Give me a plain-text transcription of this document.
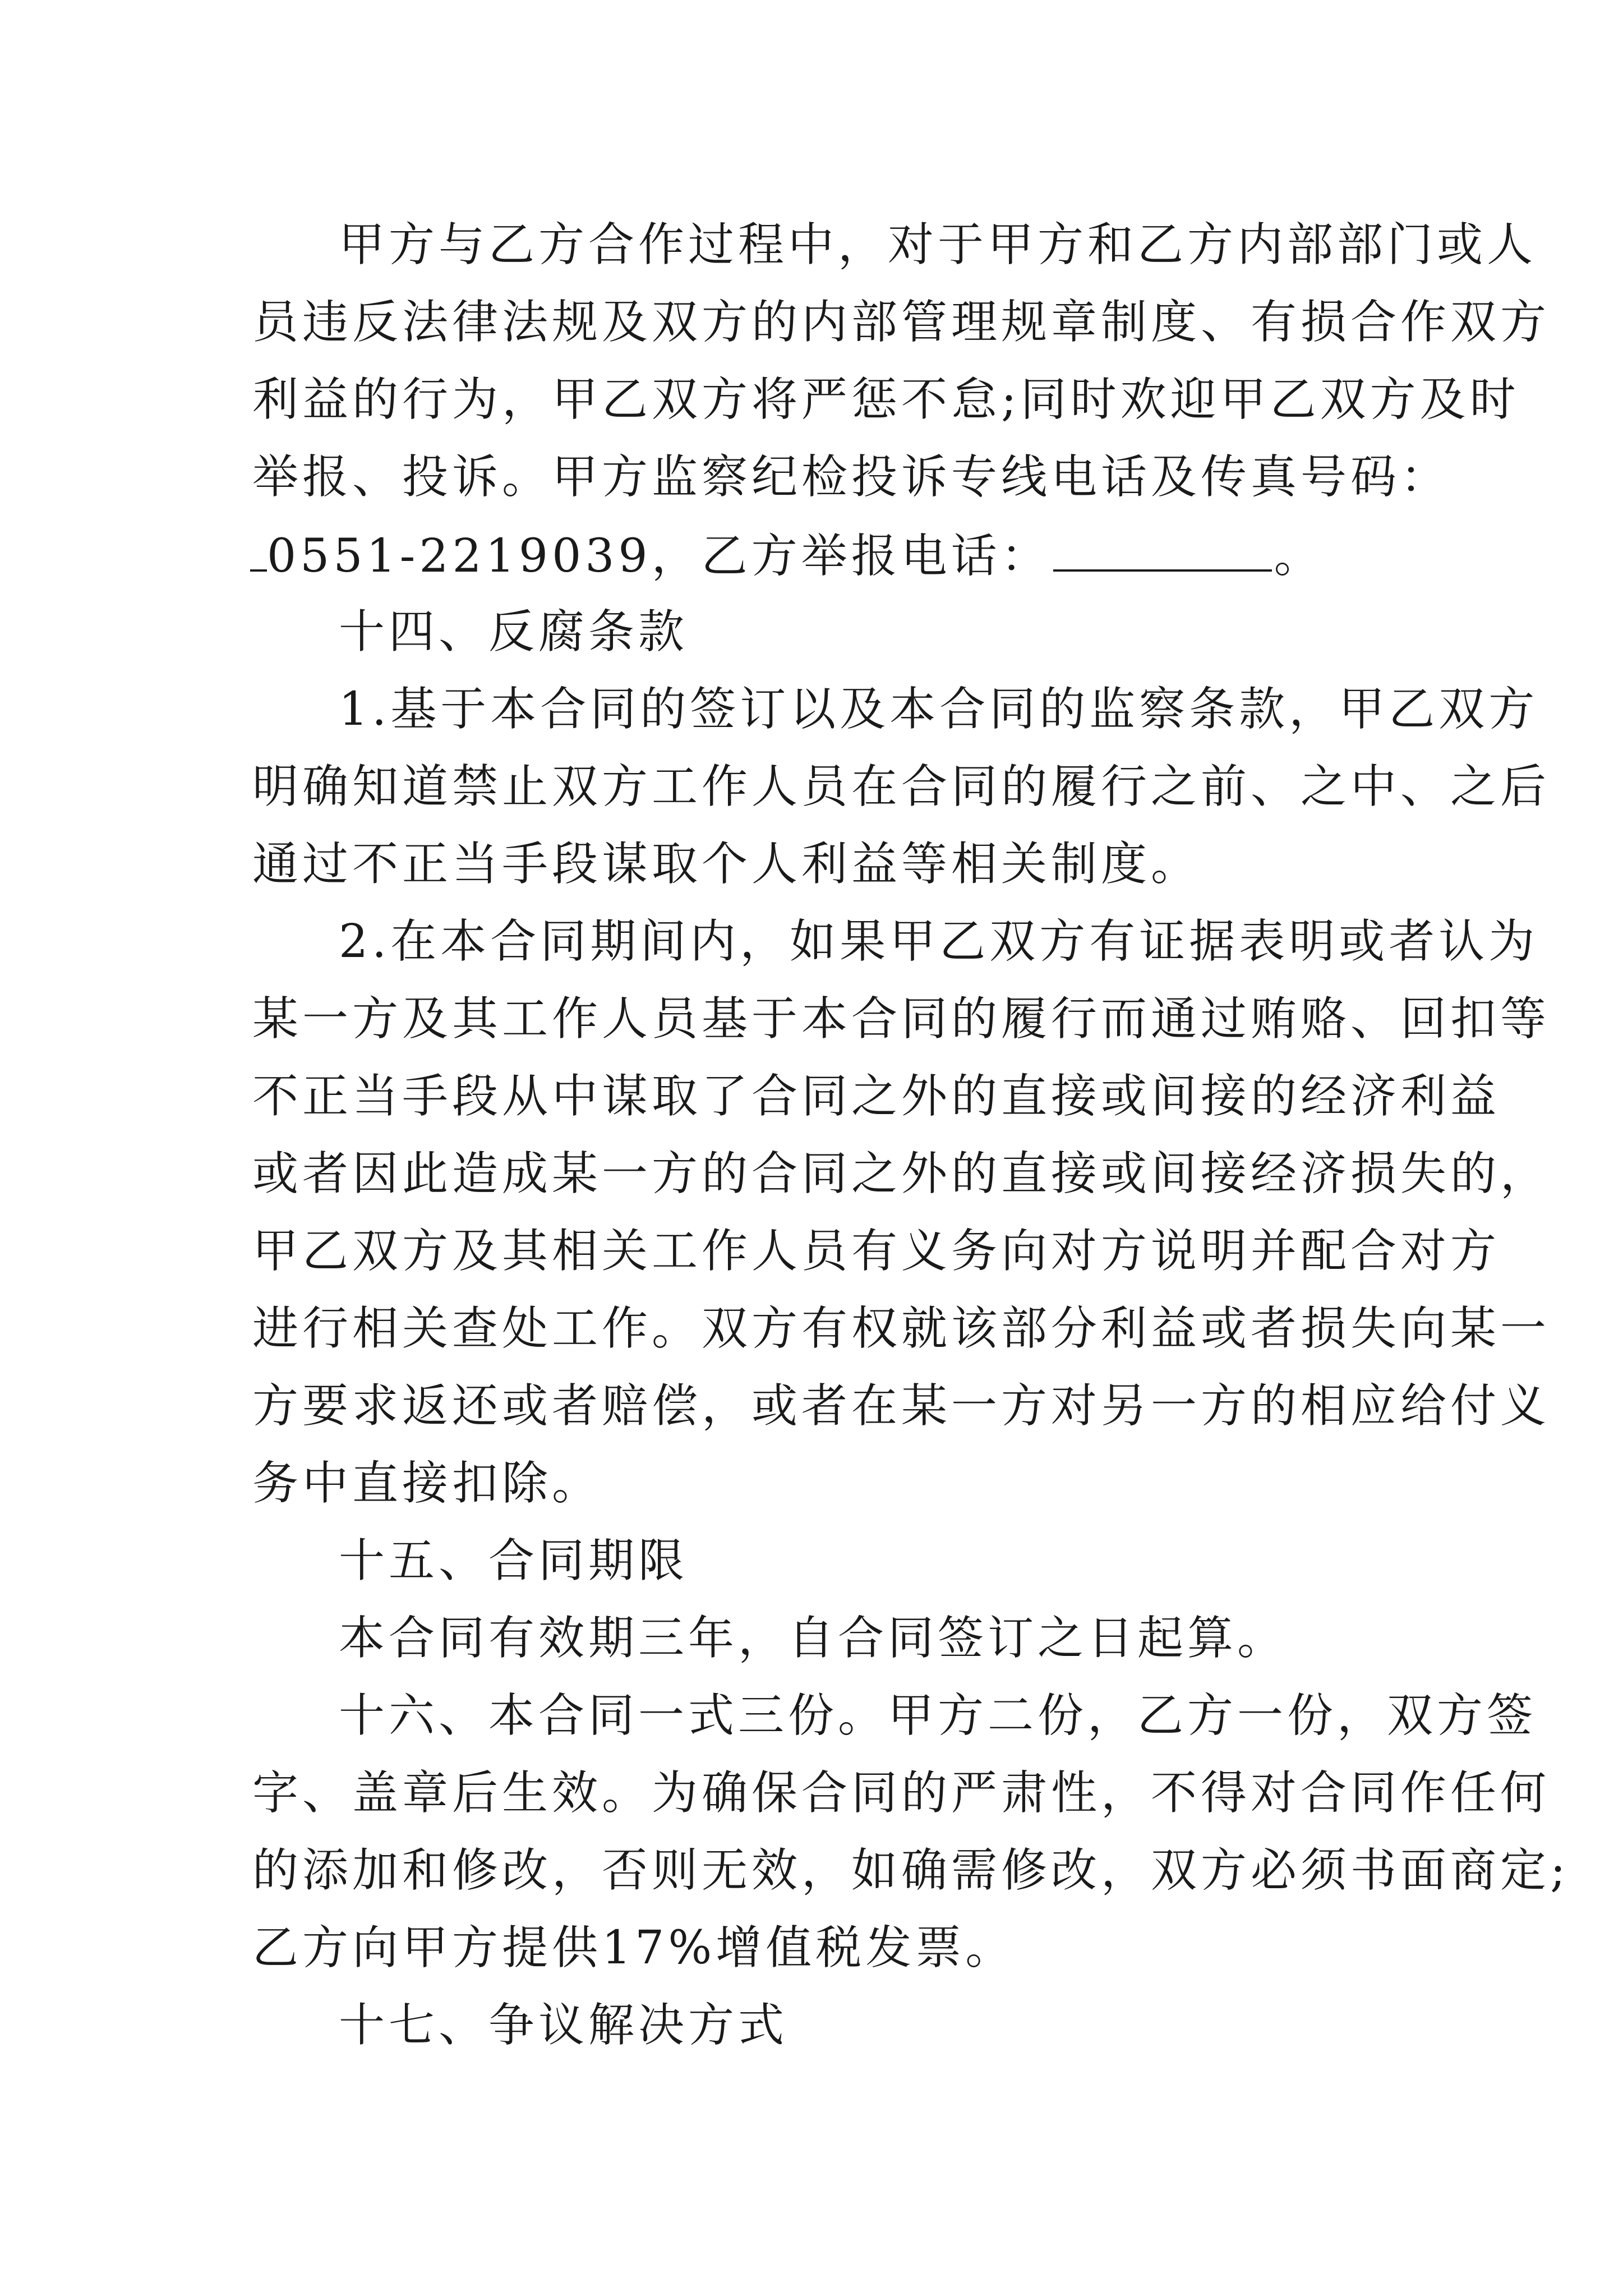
甲方与乙方合作过程中，对于甲方和乙方内部部门或人
员违反法律法规及双方的内部管理规章制度、有损合作双方
利益的行为，甲乙双方将严惩不怠;同时欢迎甲乙双方及时
举报、投诉。甲方监察纪检投诉专线电话及传真号码：
0551-2219039，乙方举报电话：	。
十四、反腐条款
1.基于本合同的签订以及本合同的监察条款，甲乙双方
明确知道禁止双方工作人员在合同的履行之前、之中、之后
通过不正当手段谋取个人利益等相关制度。
2.在本合同期间内，如果甲乙双方有证据表明或者认为
某一方及其工作人员基于本合同的履行而通过贿赂、回扣等
不正当手段从中谋取了合同之外的直接或间接的经济利益
或者因此造成某一方的合同之外的直接或间接经济损失的，
甲乙双方及其相关工作人员有义务向对方说明并配合对方
进行相关查处工作。双方有权就该部分利益或者损失向某一
方要求返还或者赔偿，或者在某一方对另一方的相应给付义
务中直接扣除。
十五、合同期限
本合同有效期三年，自合同签订之日起算。
十六、本合同一式三份。甲方二份，乙方一份，双方签
字、盖章后生效。为确保合同的严肃性，不得对合同作任何
的添加和修改，否则无效，如确需修改，双方必须书面商定;
乙方向甲方提供17%增值税发票。
十七、争议解决方式
